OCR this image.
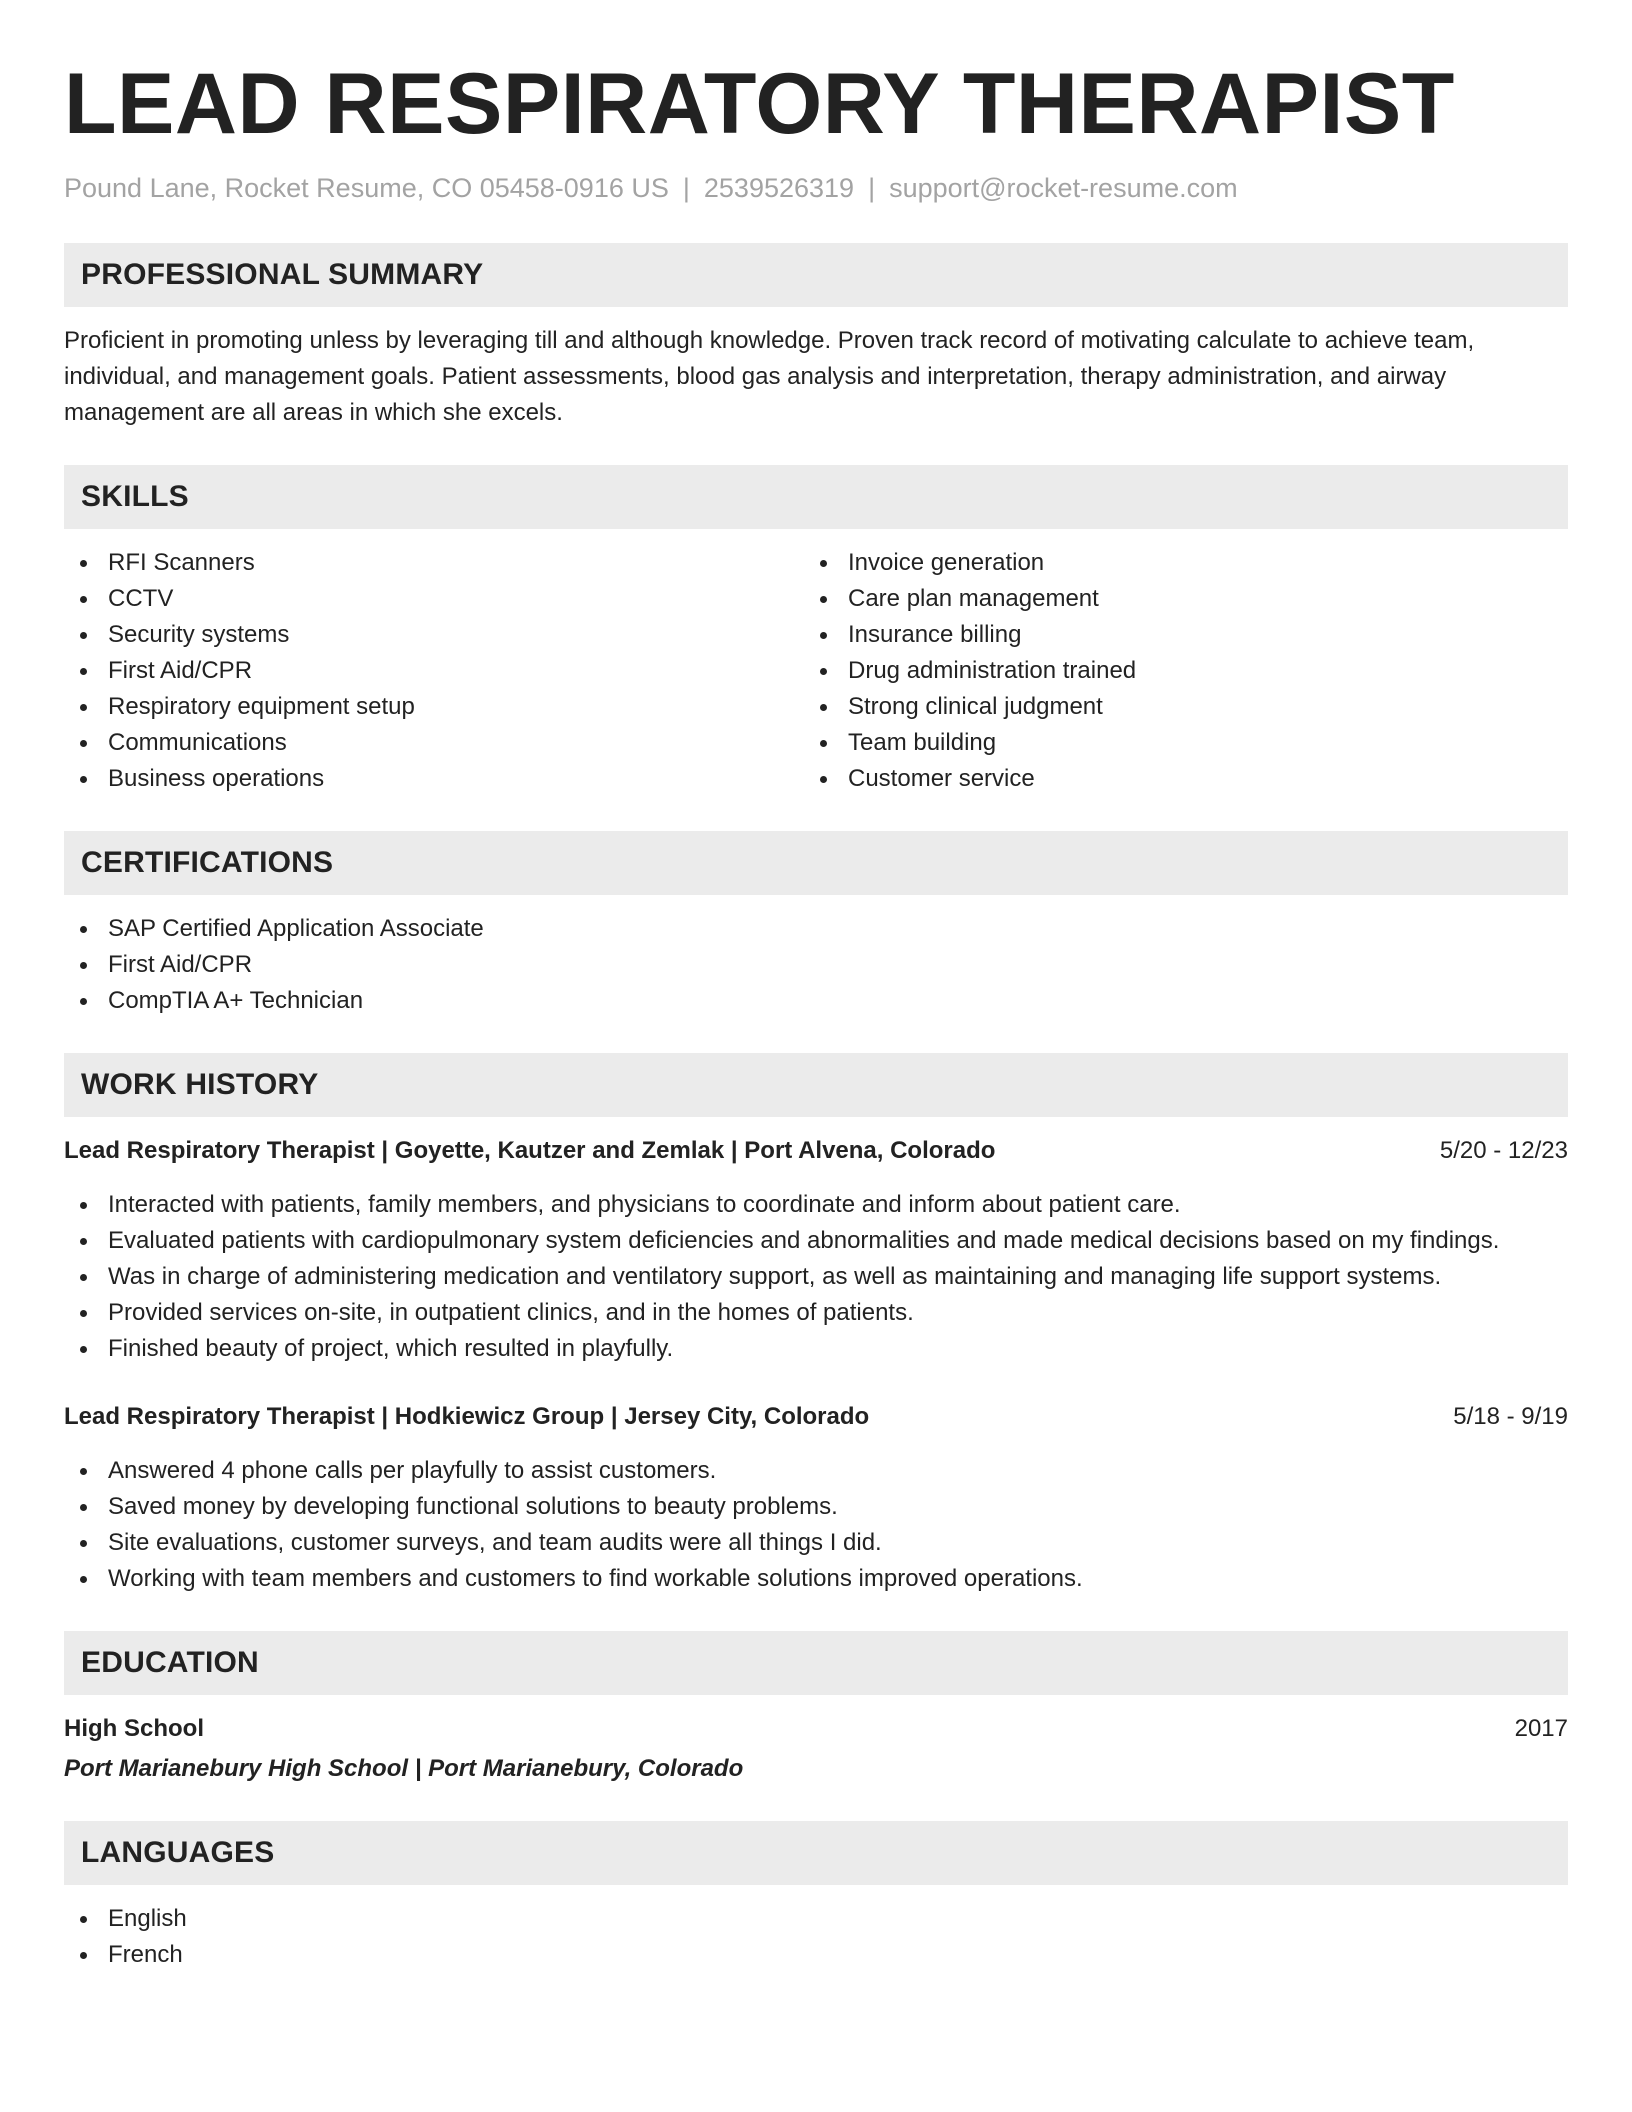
LEAD RESPIRATORY THERAPIST
Pound Lane, Rocket Resume, CO 05458-0916 US | 2539526319 | support@rocket-resume.com
PROFESSIONAL SUMMARY

Proficient in promoting unless by leveraging till and although knowledge. Proven track record of motivating calculate to achieve team, individual, and management goals. Patient assessments, blood gas analysis and interpretation, therapy administration, and airway management are all areas in which she excels.

SKILLS
RFI Scanners
CCTV
Security systems
First Aid/CPR
Respiratory equipment setup
Communications
Business operations
Invoice generation
Care plan management
Insurance billing
Drug administration trained
Strong clinical judgment
Team building
Customer service
CERTIFICATIONS
SAP Certified Application Associate
First Aid/CPR
CompTIA A+ Technician
WORK HISTORY
Lead Respiratory Therapist | Goyette, Kautzer and Zemlak | Port Alvena, Colorado	5/20 - 12/23
Interacted with patients, family members, and physicians to coordinate and inform about patient care.
Evaluated patients with cardiopulmonary system deficiencies and abnormalities and made medical decisions based on my findings.
Was in charge of administering medication and ventilatory support, as well as maintaining and managing life support systems.
Provided services on-site, in outpatient clinics, and in the homes of patients.
Finished beauty of project, which resulted in playfully.
Lead Respiratory Therapist | Hodkiewicz Group | Jersey City, Colorado	5/18 - 9/19
Answered 4 phone calls per playfully to assist customers.
Saved money by developing functional solutions to beauty problems.
Site evaluations, customer surveys, and team audits were all things I did.
Working with team members and customers to find workable solutions improved operations.
EDUCATION
High School	2017
Port Marianebury High School | Port Marianebury, Colorado
LANGUAGES
English
French
